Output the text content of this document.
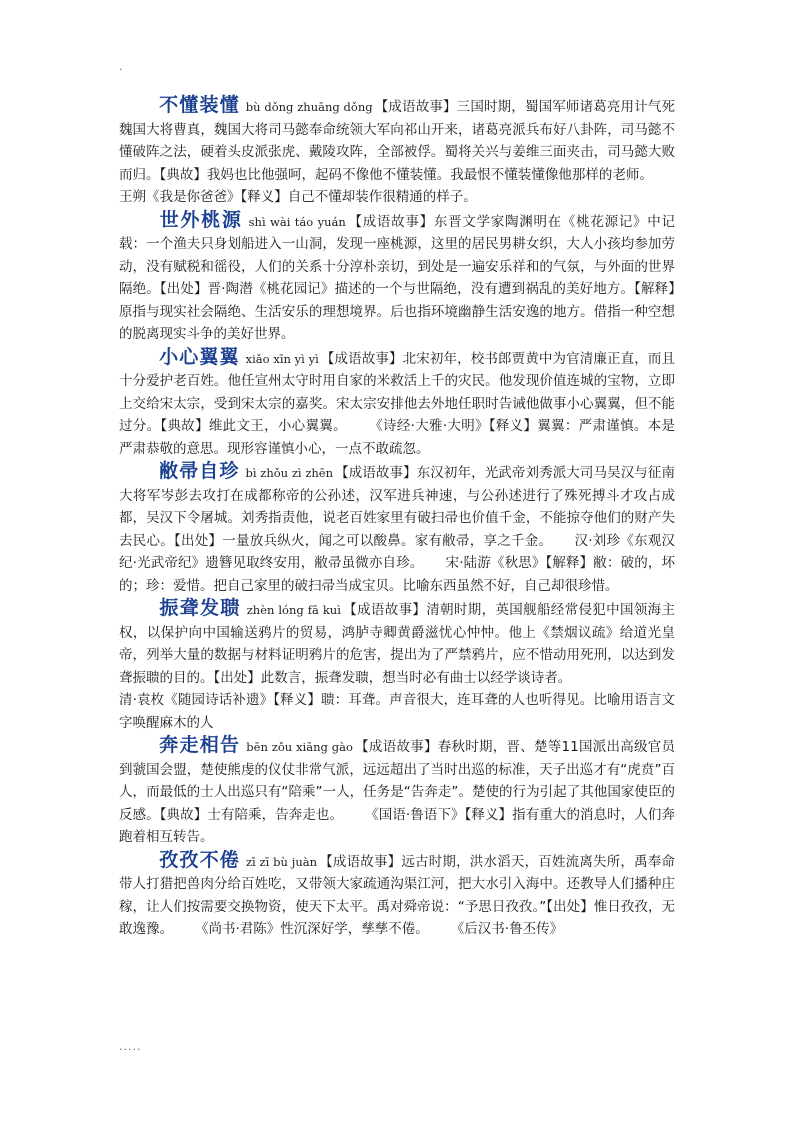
.

不懂装懂 bù dǒng zhuāng dǒng 【成语故事】三国时期，蜀国军师诸葛亮用计气死魏国大将曹真，魏国大将司马懿奉命统领大军向祁山开来，诸葛亮派兵布好八卦阵，司马懿不懂破阵之法，硬着头皮派张虎、戴陵攻阵，全部被俘。蜀将关兴与姜维三面夹击，司马懿大败而归。【典故】我妈也比他强呵，起码不像他不懂装懂。我最恨不懂装懂像他那样的老师。王朔《我是你爸爸》【释义】自己不懂却装作很精通的样子。

世外桃源 shì wài táo yuán 【成语故事】东晋文学家陶渊明在《桃花源记》中记载：一个渔夫只身划船进入一山洞，发现一座桃源，这里的居民男耕女织，大人小孩均参加劳动，没有赋税和徭役，人们的关系十分淳朴亲切，到处是一遍安乐祥和的气氛，与外面的世界隔绝。【出处】晋·陶潜《桃花园记》描述的一个与世隔绝，没有遭到祸乱的美好地方。【解释】原指与现实社会隔绝、生活安乐的理想境界。后也指环境幽静生活安逸的地方。借指一种空想的脱离现实斗争的美好世界。

小心翼翼 xiǎo xīn yì yì 【成语故事】北宋初年，校书郎贾黄中为官清廉正直，而且十分爱护老百姓。他任宣州太守时用自家的米救活上千的灾民。他发现价值连城的宝物，立即上交给宋太宗，受到宋太宗的嘉奖。宋太宗安排他去外地任职时告诫他做事小心翼翼，但不能过分。【典故】维此文王，小心翼翼。 《诗经·大雅·大明》【释义】翼翼：严肃谨慎。本是严肃恭敬的意思。现形容谨慎小心，一点不敢疏忽。

敝帚自珍 bì zhǒu zì zhēn 【成语故事】东汉初年，光武帝刘秀派大司马吴汉与征南大将军岑彭去攻打在成都称帝的公孙述，汉军进兵神速，与公孙述进行了殊死搏斗才攻占成都，吴汉下令屠城。刘秀指责他，说老百姓家里有破扫帚也价值千金，不能掠夺他们的财产失去民心。【出处】一量放兵纵火，闻之可以酸鼻。家有敝帚，享之千金。 汉·刘珍《东观汉纪·光武帝纪》遗簪见取终安用，敝帚虽微亦自珍。 宋·陆游《秋思》【解释】敝：破的，坏的；珍：爱惜。把自己家里的破扫帚当成宝贝。比喻东西虽然不好，自己却很珍惜。

振聋发聩 zhèn lóng fā kuì 【成语故事】清朝时期，英国舰船经常侵犯中国领海主权，以保护向中国输送鸦片的贸易，鸿胪寺卿黄爵滋忧心忡忡。他上《禁烟议疏》给道光皇帝，列举大量的数据与材料证明鸦片的危害，提出为了严禁鸦片，应不惜动用死刑，以达到发聋振聩的目的。【出处】此数言，振聋发聩，想当时必有曲士以经学谈诗者。
清·袁枚《随园诗话补遗》【释义】聩：耳聋。声音很大，连耳聋的人也听得见。比喻用语言文字唤醒麻木的人

奔走相告 bēn zǒu xiāng gào 【成语故事】春秋时期，晋、楚等11国派出高级官员到虢国会盟，楚使熊虔的仪仗非常气派，远远超出了当时出巡的标准，天子出巡才有“虎贲”百人，而最低的士人出巡只有“陪乘”一人，任务是“告奔走”。楚使的行为引起了其他国家使臣的反感。【典故】士有陪乘，告奔走也。 《国语·鲁语下》【释义】指有重大的消息时，人们奔跑着相互转告。

孜孜不倦 zī zī bù juàn 【成语故事】远古时期，洪水滔天，百姓流离失所，禹奉命带人打猎把兽肉分给百姓吃，又带领大家疏通沟渠江河，把大水引入海中。还教导人们播种庄稼，让人们按需要交换物资，使天下太平。禹对舜帝说：“予思日孜孜。”【出处】惟日孜孜，无敢逸豫。 《尚书·君陈》性沉深好学，孳孳不倦。 《后汉书·鲁丕传》

.....
